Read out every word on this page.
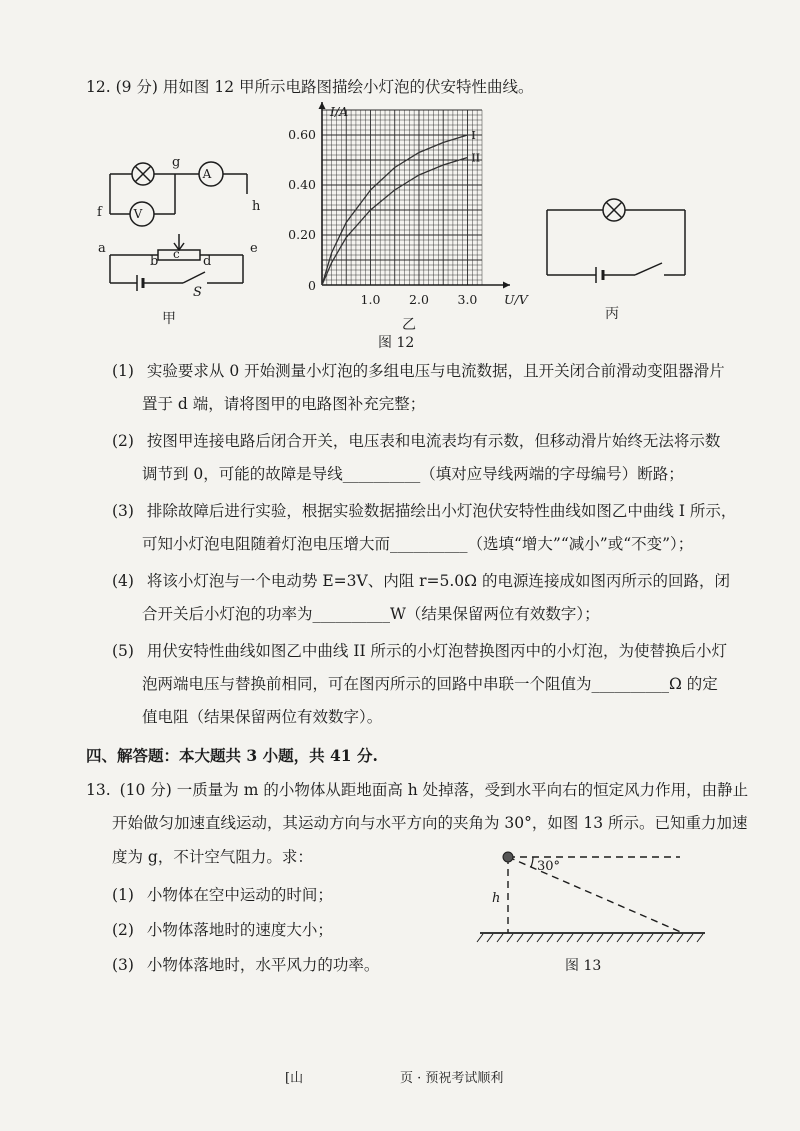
12. (9 分) 用如图 12 甲所示电路图描绘小灯泡的伏安特性曲线。
V
A
g
f	h
a
b c d
e
S
甲
I
II
1.0 2.0 3.0
0.20
0.40
0.60
0
U/V
I/A
乙
图 12
丙
(1) 实验要求从 0 开始测量小灯泡的多组电压与电流数据，且开关闭合前滑动变阻器滑片
置于 d 端，请将图甲的电路图补充完整；
(2) 按图甲连接电路后闭合开关，电压表和电流表均有示数，但移动滑片始终无法将示数
调节到 0，可能的故障是导线__________（填对应导线两端的字母编号）断路；
(3) 排除故障后进行实验，根据实验数据描绘出小灯泡伏安特性曲线如图乙中曲线 I 所示，
可知小灯泡电阻随着灯泡电压增大而__________（选填“增大”“减小”或“不变”）；
(4) 将该小灯泡与一个电动势 E=3V、内阻 r=5.0Ω 的电源连接成如图丙所示的回路，闭
合开关后小灯泡的功率为__________W（结果保留两位有效数字）；
(5) 用伏安特性曲线如图乙中曲线 II 所示的小灯泡替换图丙中的小灯泡，为使替换后小灯
泡两端电压与替换前相同，可在图丙所示的回路中串联一个阻值为__________Ω 的定
值电阻（结果保留两位有效数字）。
四、解答题：本大题共 3 小题，共 41 分.
13. (10 分) 一质量为 m 的小物体从距地面高 h 处掉落，受到水平向右的恒定风力作用，由静止
开始做匀加速直线运动，其运动方向与水平方向的夹角为 30°，如图 13 所示。已知重力加速
度为 g，不计空气阻力。求：
(1) 小物体在空中运动的时间；
(2) 小物体落地时的速度大小；
(3) 小物体落地时，水平风力的功率。
30°
h
图 13
[山	页 · 预祝考试顺利
